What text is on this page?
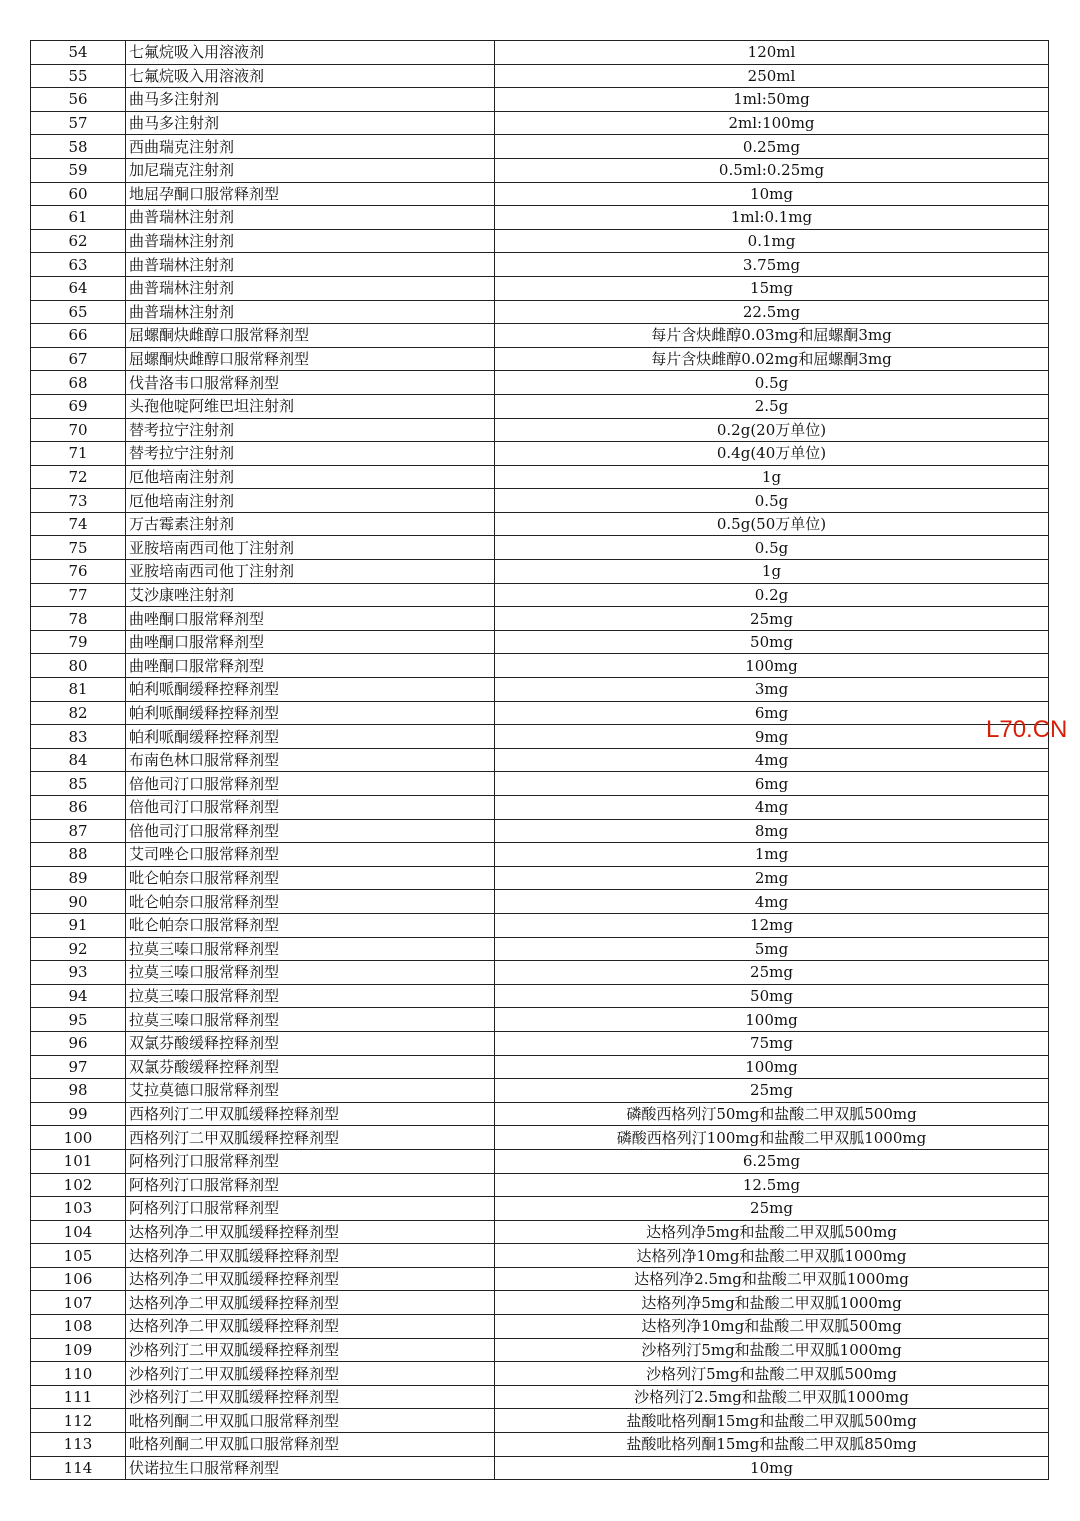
54	七氟烷吸入用溶液剂	120ml
55	七氟烷吸入用溶液剂	250ml
56	曲马多注射剂	1ml:50mg
57	曲马多注射剂	2ml:100mg
58	西曲瑞克注射剂	0.25mg
59	加尼瑞克注射剂	0.5ml:0.25mg
60	地屈孕酮口服常释剂型	10mg
61	曲普瑞林注射剂	1ml:0.1mg
62	曲普瑞林注射剂	0.1mg
63	曲普瑞林注射剂	3.75mg
64	曲普瑞林注射剂	15mg
65	曲普瑞林注射剂	22.5mg
66	屈螺酮炔雌醇口服常释剂型	每片含炔雌醇0.03mg和屈螺酮3mg
67	屈螺酮炔雌醇口服常释剂型	每片含炔雌醇0.02mg和屈螺酮3mg
68	伐昔洛韦口服常释剂型	0.5g
69	头孢他啶阿维巴坦注射剂	2.5g
70	替考拉宁注射剂	0.2g(20万单位)
71	替考拉宁注射剂	0.4g(40万单位)
72	厄他培南注射剂	1g
73	厄他培南注射剂	0.5g
74	万古霉素注射剂	0.5g(50万单位)
75	亚胺培南西司他丁注射剂	0.5g
76	亚胺培南西司他丁注射剂	1g
77	艾沙康唑注射剂	0.2g
78	曲唑酮口服常释剂型	25mg
79	曲唑酮口服常释剂型	50mg
80	曲唑酮口服常释剂型	100mg
81	帕利哌酮缓释控释剂型	3mg
82	帕利哌酮缓释控释剂型	6mg
83	帕利哌酮缓释控释剂型	9mg
84	布南色林口服常释剂型	4mg
85	倍他司汀口服常释剂型	6mg
86	倍他司汀口服常释剂型	4mg
87	倍他司汀口服常释剂型	8mg
88	艾司唑仑口服常释剂型	1mg
89	吡仑帕奈口服常释剂型	2mg
90	吡仑帕奈口服常释剂型	4mg
91	吡仑帕奈口服常释剂型	12mg
92	拉莫三嗪口服常释剂型	5mg
93	拉莫三嗪口服常释剂型	25mg
94	拉莫三嗪口服常释剂型	50mg
95	拉莫三嗪口服常释剂型	100mg
96	双氯芬酸缓释控释剂型	75mg
97	双氯芬酸缓释控释剂型	100mg
98	艾拉莫德口服常释剂型	25mg
99	西格列汀二甲双胍缓释控释剂型	磷酸西格列汀50mg和盐酸二甲双胍500mg
100	西格列汀二甲双胍缓释控释剂型	磷酸西格列汀100mg和盐酸二甲双胍1000mg
101	阿格列汀口服常释剂型	6.25mg
102	阿格列汀口服常释剂型	12.5mg
103	阿格列汀口服常释剂型	25mg
104	达格列净二甲双胍缓释控释剂型	达格列净5mg和盐酸二甲双胍500mg
105	达格列净二甲双胍缓释控释剂型	达格列净10mg和盐酸二甲双胍1000mg
106	达格列净二甲双胍缓释控释剂型	达格列净2.5mg和盐酸二甲双胍1000mg
107	达格列净二甲双胍缓释控释剂型	达格列净5mg和盐酸二甲双胍1000mg
108	达格列净二甲双胍缓释控释剂型	达格列净10mg和盐酸二甲双胍500mg
109	沙格列汀二甲双胍缓释控释剂型	沙格列汀5mg和盐酸二甲双胍1000mg
110	沙格列汀二甲双胍缓释控释剂型	沙格列汀5mg和盐酸二甲双胍500mg
111	沙格列汀二甲双胍缓释控释剂型	沙格列汀2.5mg和盐酸二甲双胍1000mg
112	吡格列酮二甲双胍口服常释剂型	盐酸吡格列酮15mg和盐酸二甲双胍500mg
113	吡格列酮二甲双胍口服常释剂型	盐酸吡格列酮15mg和盐酸二甲双胍850mg
114	伏诺拉生口服常释剂型	10mg
L70.CN
